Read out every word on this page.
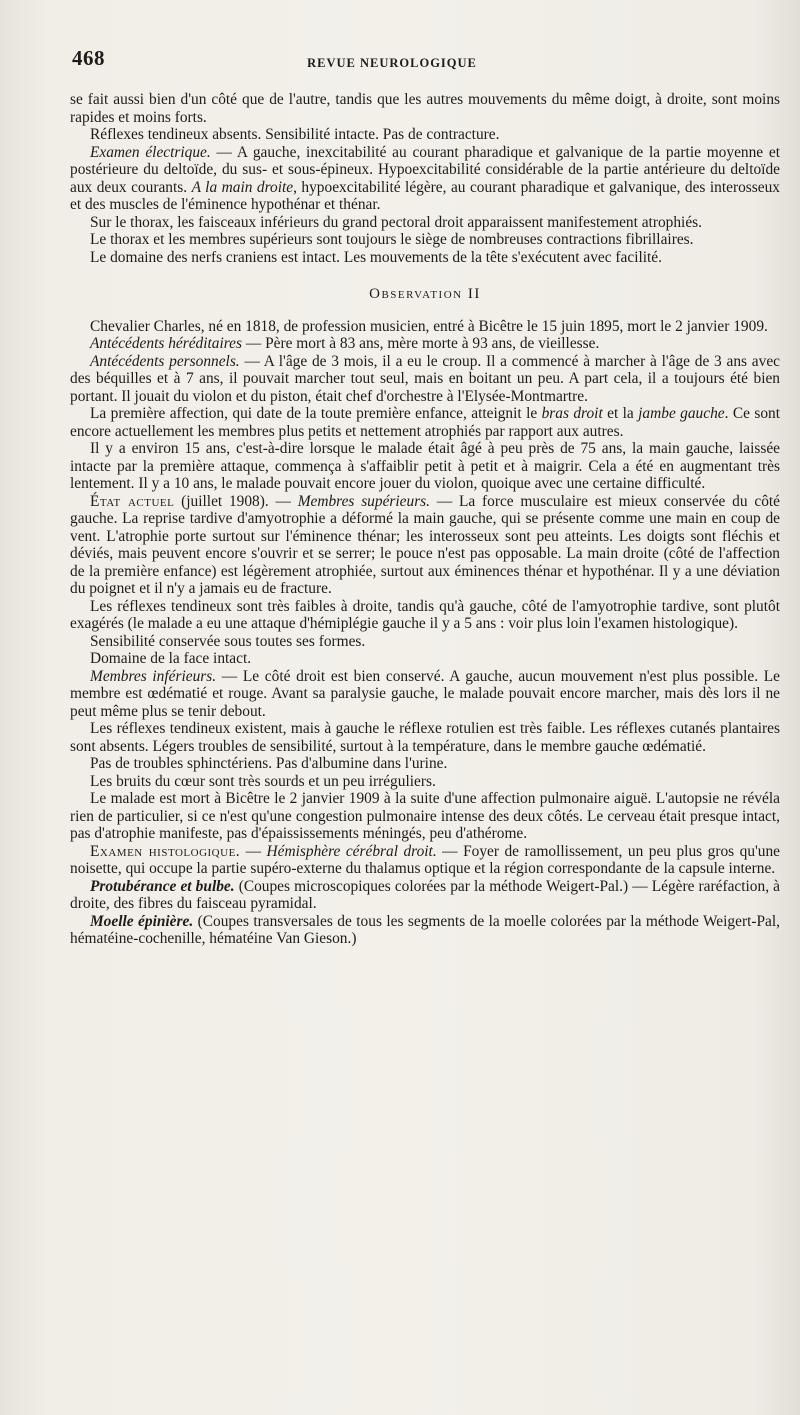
468	REVUE NEUROLOGIQUE

se fait aussi bien d'un côté que de l'autre, tandis que les autres mouvements du même doigt, à droite, sont moins rapides et moins forts.

Réflexes tendineux absents. Sensibilité intacte. Pas de contracture.

Examen électrique. — A gauche, inexcitabilité au courant pharadique et galvanique de la partie moyenne et postérieure du deltoïde, du sus- et sous-épineux. Hypoexcitabilité considérable de la partie antérieure du deltoïde aux deux courants. A la main droite, hypoexcitabilité légère, au courant pharadique et galvanique, des interosseux et des muscles de l'éminence hypothénar et thénar.

Sur le thorax, les faisceaux inférieurs du grand pectoral droit apparaissent manifestement atrophiés.

Le thorax et les membres supérieurs sont toujours le siège de nombreuses contractions fibrillaires.

Le domaine des nerfs craniens est intact. Les mouvements de la tête s'exécutent avec facilité.

Observation II

Chevalier Charles, né en 1818, de profession musicien, entré à Bicêtre le 15 juin 1895, mort le 2 janvier 1909.

Antécédents héréditaires — Père mort à 83 ans, mère morte à 93 ans, de vieillesse.

Antécédents personnels. — A l'âge de 3 mois, il a eu le croup. Il a commencé à marcher à l'âge de 3 ans avec des béquilles et à 7 ans, il pouvait marcher tout seul, mais en boitant un peu. A part cela, il a toujours été bien portant. Il jouait du violon et du piston, était chef d'orchestre à l'Elysée-Montmartre.

La première affection, qui date de la toute première enfance, atteignit le bras droit et la jambe gauche. Ce sont encore actuellement les membres plus petits et nettement atrophiés par rapport aux autres.

Il y a environ 15 ans, c'est-à-dire lorsque le malade était âgé à peu près de 75 ans, la main gauche, laissée intacte par la première attaque, commença à s'affaiblir petit à petit et à maigrir. Cela a été en augmentant très lentement. Il y a 10 ans, le malade pouvait encore jouer du violon, quoique avec une certaine difficulté.

État actuel (juillet 1908). — Membres supérieurs. — La force musculaire est mieux conservée du côté gauche. La reprise tardive d'amyotrophie a déformé la main gauche, qui se présente comme une main en coup de vent. L'atrophie porte surtout sur l'éminence thénar; les interosseux sont peu atteints. Les doigts sont fléchis et déviés, mais peuvent encore s'ouvrir et se serrer; le pouce n'est pas opposable. La main droite (côté de l'affection de la première enfance) est légèrement atrophiée, surtout aux éminences thénar et hypothénar. Il y a une déviation du poignet et il n'y a jamais eu de fracture.

Les réflexes tendineux sont très faibles à droite, tandis qu'à gauche, côté de l'amyotrophie tardive, sont plutôt exagérés (le malade a eu une attaque d'hémiplégie gauche il y a 5 ans : voir plus loin l'examen histologique).

Sensibilité conservée sous toutes ses formes.

Domaine de la face intact.

Membres inférieurs. — Le côté droit est bien conservé. A gauche, aucun mouvement n'est plus possible. Le membre est œdématié et rouge. Avant sa paralysie gauche, le malade pouvait encore marcher, mais dès lors il ne peut même plus se tenir debout.

Les réflexes tendineux existent, mais à gauche le réflexe rotulien est très faible. Les réflexes cutanés plantaires sont absents. Légers troubles de sensibilité, surtout à la température, dans le membre gauche œdématié.

Pas de troubles sphinctériens. Pas d'albumine dans l'urine.

Les bruits du cœur sont très sourds et un peu irréguliers.

Le malade est mort à Bicêtre le 2 janvier 1909 à la suite d'une affection pulmonaire aiguë. L'autopsie ne révéla rien de particulier, si ce n'est qu'une congestion pulmonaire intense des deux côtés. Le cerveau était presque intact, pas d'atrophie manifeste, pas d'épaississements méningés, peu d'athérome.

Examen histologique. — Hémisphère cérébral droit. — Foyer de ramollissement, un peu plus gros qu'une noisette, qui occupe la partie supéro-externe du thalamus optique et la région correspondante de la capsule interne.

Protubérance et bulbe. (Coupes microscopiques colorées par la méthode Weigert-Pal.) — Légère raréfaction, à droite, des fibres du faisceau pyramidal.

Moelle épinière. (Coupes transversales de tous les segments de la moelle colorées par la méthode Weigert-Pal, hématéine-cochenille, hématéine Van Gieson.)
